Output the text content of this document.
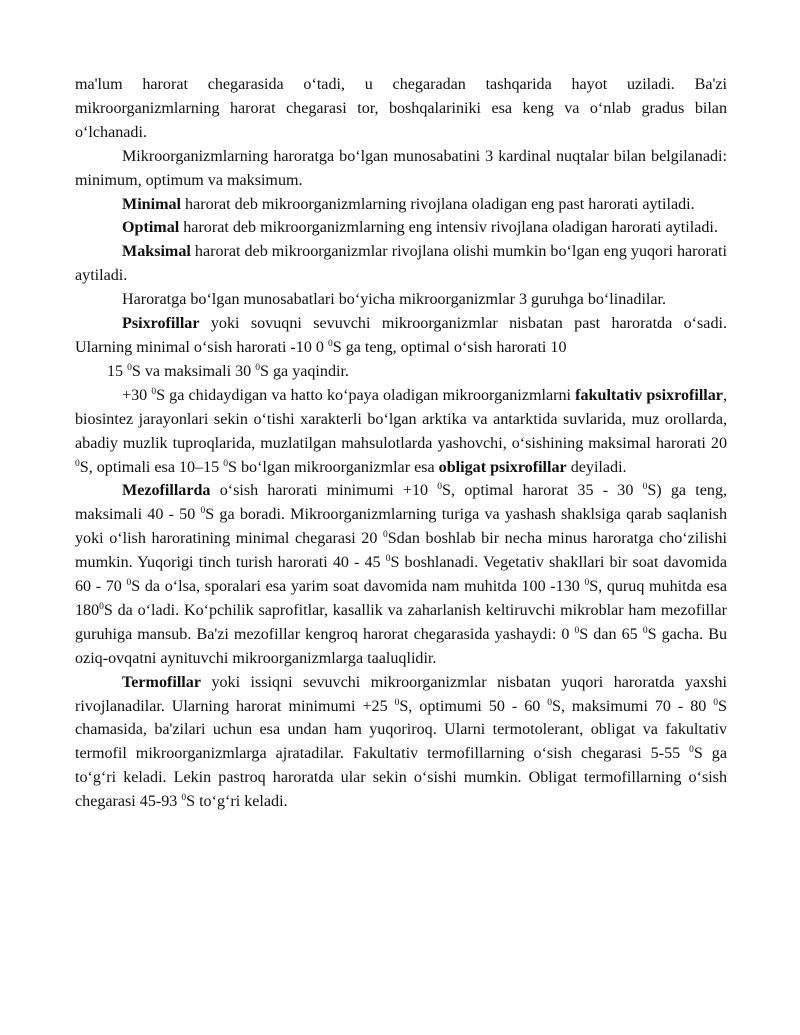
ma'lum harorat chegarasida o‘tadi, u chegaradan tashqarida hayot uziladi. Ba'zi mikroorganizmlarning harorat chegarasi tor, boshqalariniki esa keng va o‘nlab gradus bilan o‘lchanadi.

Mikroorganizmlarning haroratga bo‘lgan munosabatini 3 kardinal nuqtalar bilan belgilanadi: minimum, optimum va maksimum.

Minimal harorat deb mikroorganizmlarning rivojlana oladigan eng past harorati aytiladi.

Optimal harorat deb mikroorganizmlarning eng intensiv rivojlana oladigan harorati aytiladi.

Maksimal harorat deb mikroorganizmlar rivojlana olishi mumkin bo‘lgan eng yuqori harorati aytiladi.

Haroratga bo‘lgan munosabatlari bo‘yicha mikroorganizmlar 3 guruhga bo‘linadilar.

Psixrofillar yoki sovuqni sevuvchi mikroorganizmlar nisbatan past haroratda o‘sadi. Ularning minimal o‘sish harorati -10 0 $^0$S ga teng, optimal o‘sish harorati 10

15 $^0$S va maksimali 30 $^0$S ga yaqindir.

+30 $^0$S ga chidaydigan va hatto ko‘paya oladigan mikroorganizmlarni fakultativ psixrofillar, biosintez jarayonlari sekin o‘tishi xarakterli bo‘lgan arktika va antarktida suvlarida, muz orollarda, abadiy muzlik tuproqlarida, muzlatilgan mahsulotlarda yashovchi, o‘sishining maksimal harorati 20 $^0$S, optimali esa 10–15 $^0$S bo‘lgan mikroorganizmlar esa obligat psixrofillar deyiladi.

Mezofillarda o‘sish harorati minimumi +10 $^0$S, optimal harorat 35 - 30 $^0$S) ga teng, maksimali 40 - 50 $^0$S ga boradi. Mikroorganizmlarning turiga va yashash shaklsiga qarab saqlanish yoki o‘lish haroratining minimal chegarasi 20 $^0$Sdan boshlab bir necha minus haroratga cho‘zilishi mumkin. Yuqorigi tinch turish harorati 40 - 45 $^0$S boshlanadi. Vegetativ shakllari bir soat davomida 60 - 70 $^0$S da o‘lsa, sporalari esa yarim soat davomida nam muhitda 100 -130 $^0$S, quruq muhitda esa $180^0S$ da o‘ladi. Ko‘pchilik saprofitlar, kasallik va zaharlanish keltiruvchi mikroblar ham mezofillar guruhiga mansub. Ba'zi mezofillar kengroq harorat chegarasida yashaydi: 0 $^0$S dan 65 $^0$S gacha. Bu oziq-ovqatni aynituvchi mikroorganizmlarga taaluqlidir.

Termofillar yoki issiqni sevuvchi mikroorganizmlar nisbatan yuqori haroratda yaxshi rivojlanadilar. Ularning harorat minimumi +25 $^0$S, optimumi 50 - 60 $^0$S, maksimumi 70 - 80 $^0$S chamasida, ba'zilari uchun esa undan ham yuqoriroq. Ularni termotolerant, obligat va fakultativ termofil mikroorganizmlarga ajratadilar. Fakultativ termofillarning o‘sish chegarasi 5-55 $^0$S ga to‘g‘ri keladi. Lekin pastroq haroratda ular sekin o‘sishi mumkin. Obligat termofillarning o‘sish chegarasi 45-93 $^0$S to‘g‘ri keladi.
